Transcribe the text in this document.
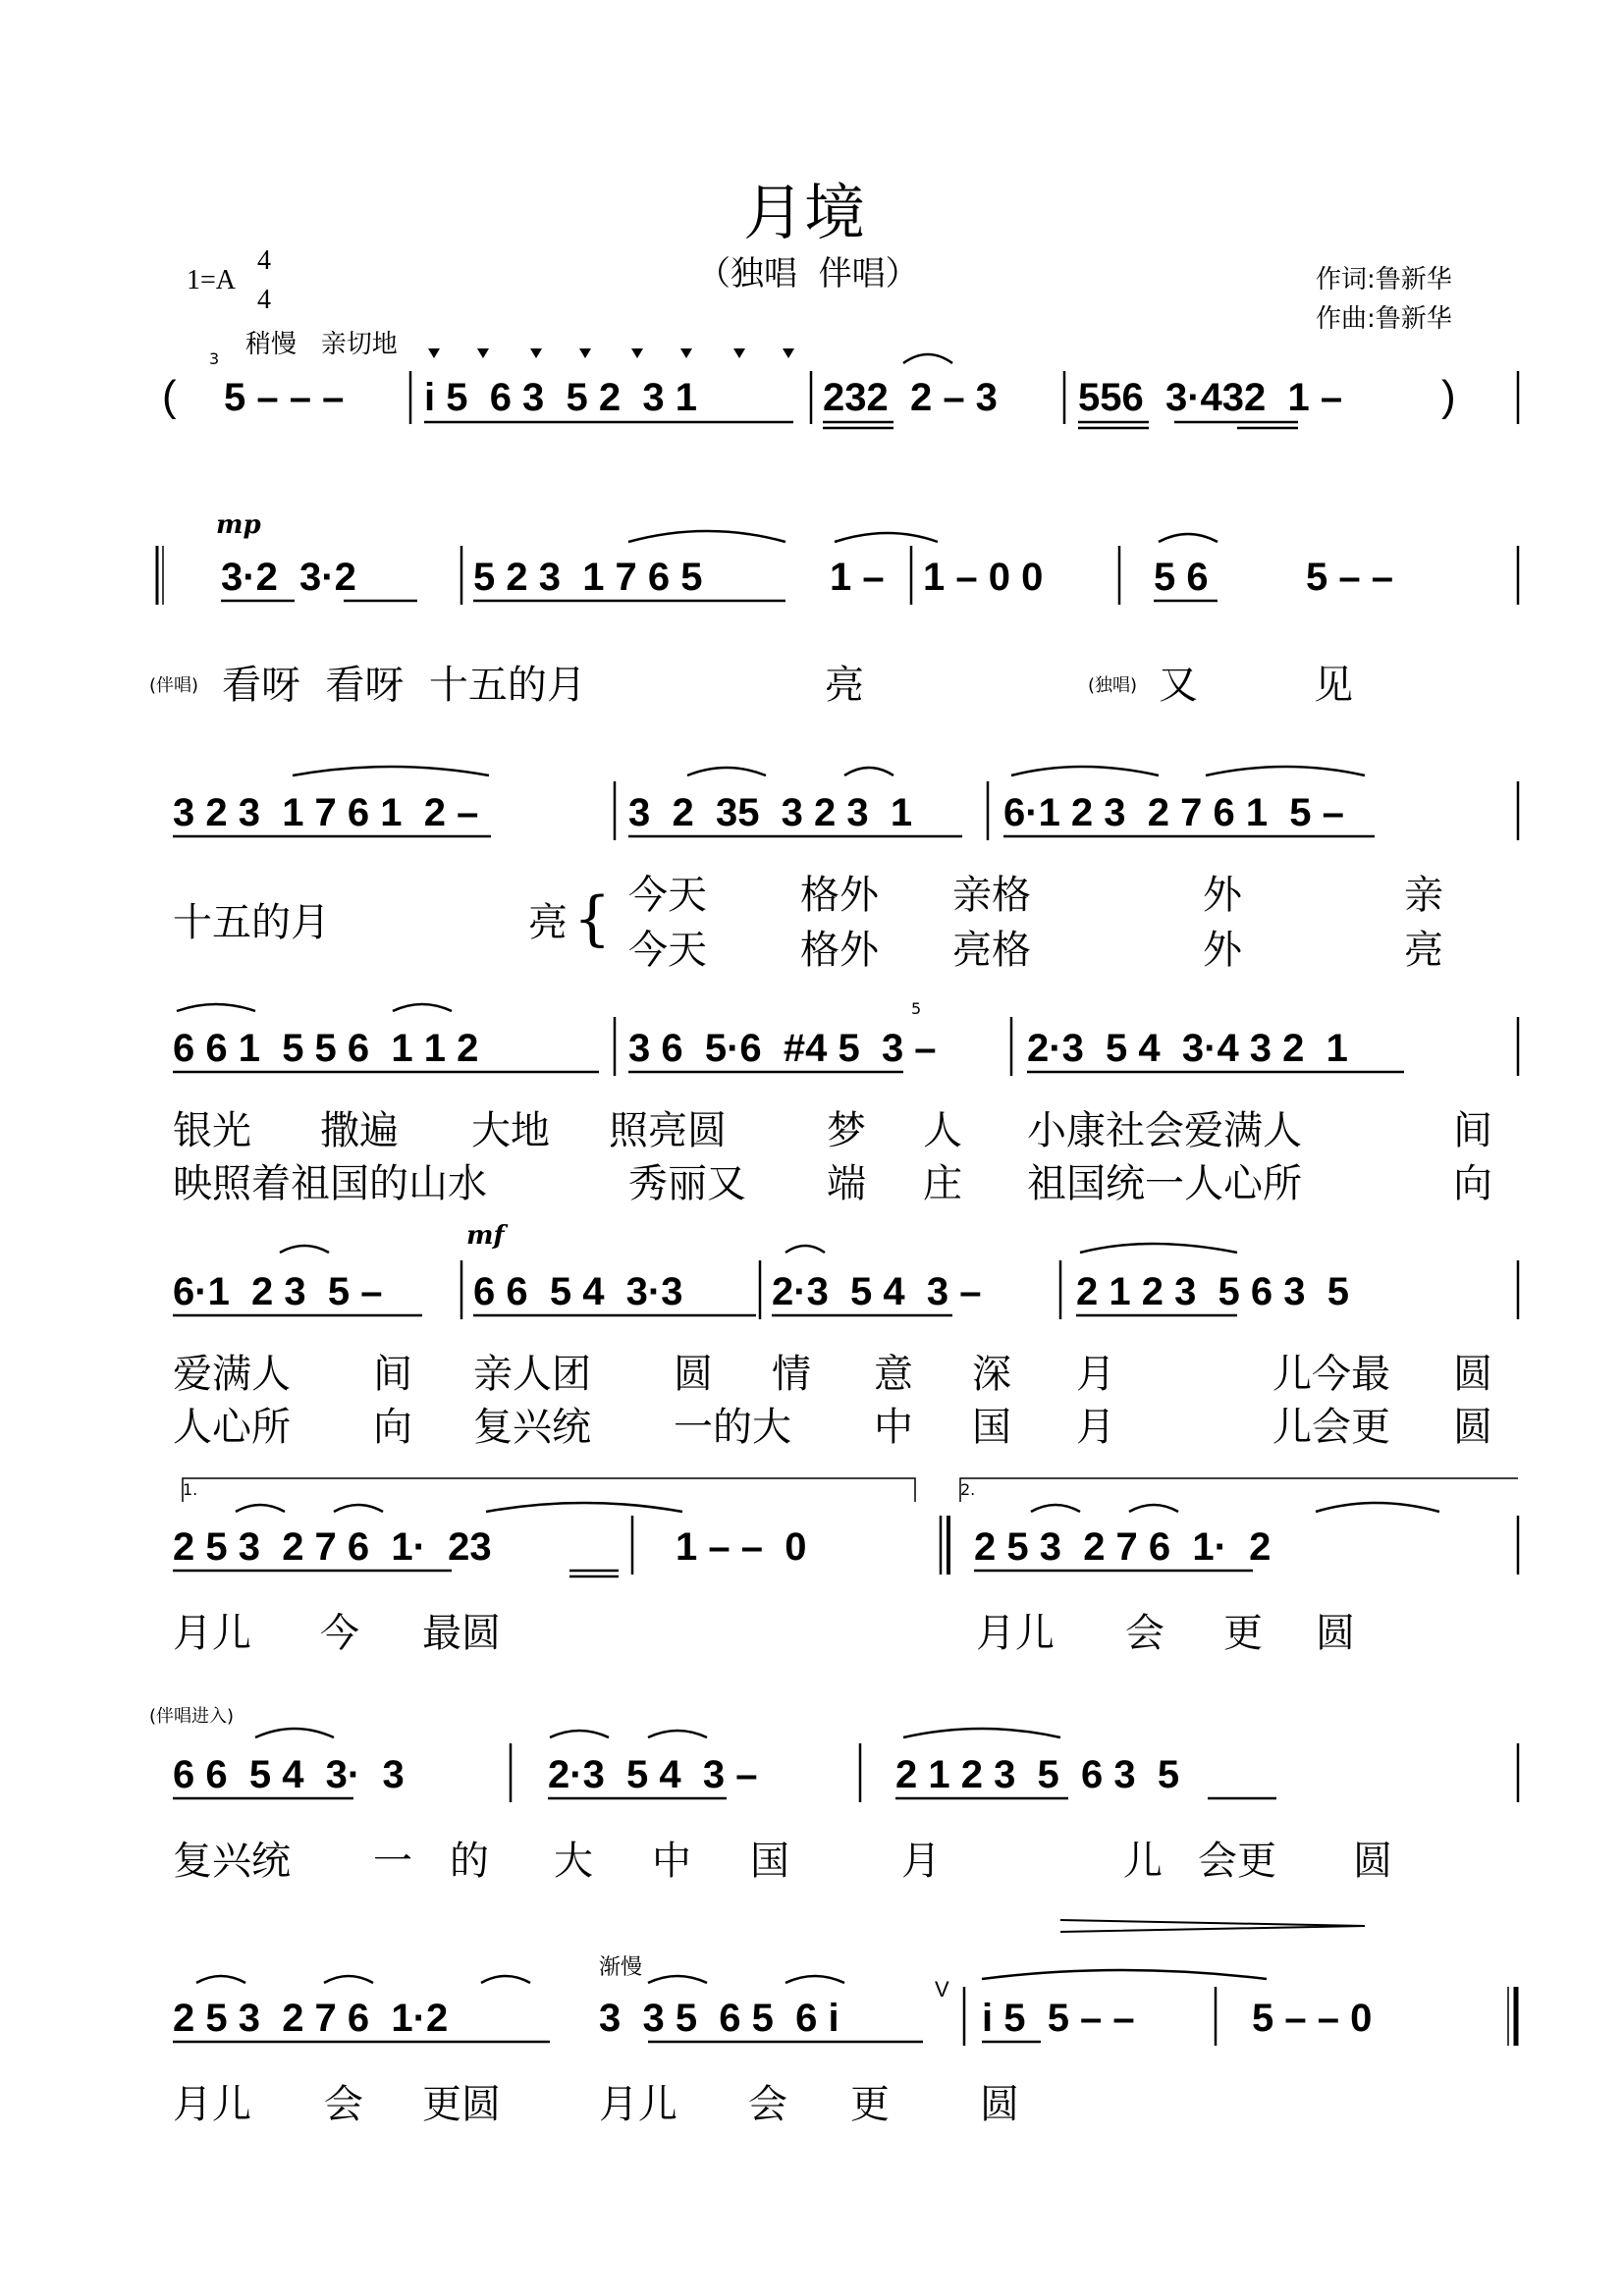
月境
（独唱  伴唱）
1=A
4
4
作词:鲁新华
作曲:鲁新华
稍慢   亲切地
3
( 5 – – – i 5  6 3  5 2  3 1	232  2 – 3 556  3·432  1 – )
mp
3·2  3·2	5 2 3  1 7 6 5	1 – 1 – 0 0	5 6 5 – –
(伴唱) 看呀  看呀  十五的月	亮	(独唱) 又	见
3 2 3  1 7 6 1  2 –	3  2  35  3 2 3  1 6·1 2 3  2 7 6 1  5 –
十五的月	亮 { 今天 格外 亲格	外	亲
今天 格外 亮格	外	亮
6 6 1  5 5 6  1 1 2	3 6  5·6  #4 5  3 –
5
2·3  5 4  3·4 3 2  1
银光 撒遍 大地 照亮圆	梦 人 小康社会爱满人	间
映照着祖国的山水	秀丽又 端 庄 祖国统一人心所	向
mf
6·1  2 3  5 – 6 6  5 4  3·3 2·3  5 4  3 – 2 1 2 3  5 6 3  5
爱满人 间 亲人团 圆 情 意 深 月	儿今最 圆
人心所 向 复兴统 一的大 中 国 月	儿会更 圆
1.	2.
2 5 3  2 7 6  1·  23	1 – –  0	2 5 3  2 7 6  1·  2
月儿 今 最圆	月儿 会 更 圆
(伴唱进入)
6 6  5 4  3·  3	2·3  5 4  3 –	2 1 2 3  5  6 3  5
复兴统 一 的 大 中 国	月	儿 会更 圆
渐慢
2 5 3  2 7 6  1·2	3  3 5  6 5  6 i
V
i 5  5 – –	5 – – 0
月儿 会 更圆	月儿 会 更 圆
